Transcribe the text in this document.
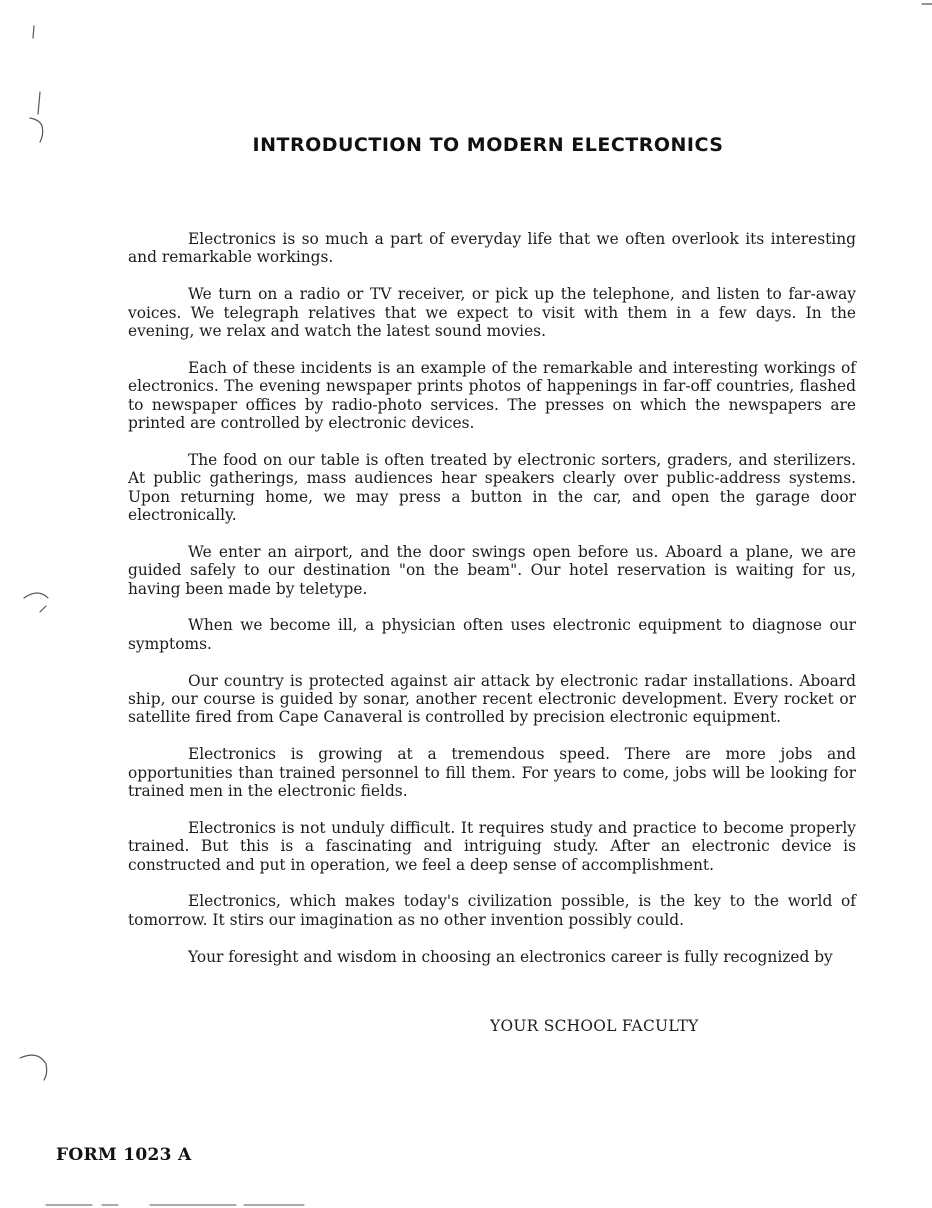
INTRODUCTION TO MODERN ELECTRONICS

Electronics is so much a part of everyday life that we often overlook its interesting and remarkable workings.

We turn on a radio or TV receiver, or pick up the telephone, and listen to far-away voices. We telegraph relatives that we expect to visit with them in a few days. In the evening, we relax and watch the latest sound movies.

Each of these incidents is an example of the remarkable and interesting workings of electronics. The evening newspaper prints photos of happenings in far-off countries, flashed to newspaper offices by radio-photo services. The presses on which the newspapers are printed are controlled by electronic devices.

The food on our table is often treated by electronic sorters, graders, and sterilizers. At public gatherings, mass audiences hear speakers clearly over public-address systems. Upon returning home, we may press a button in the car, and open the garage door electronically.

We enter an airport, and the door swings open before us. Aboard a plane, we are guided safely to our destination "on the beam". Our hotel reservation is waiting for us, having been made by teletype.

When we become ill, a physician often uses electronic equipment to diagnose our symptoms.

Our country is protected against air attack by electronic radar installations. Aboard ship, our course is guided by sonar, another recent electronic development. Every rocket or satellite fired from Cape Canaveral is controlled by precision electronic equipment.

Electronics is growing at a tremendous speed. There are more jobs and opportunities than trained personnel to fill them. For years to come, jobs will be looking for trained men in the electronic fields.

Electronics is not unduly difficult. It requires study and practice to become properly trained. But this is a fascinating and intriguing study. After an electronic device is constructed and put in operation, we feel a deep sense of accomplishment.

Electronics, which makes today's civilization possible, is the key to the world of tomorrow. It stirs our imagination as no other invention possibly could.

Your foresight and wisdom in choosing an electronics career is fully recognized by

YOUR SCHOOL FACULTY
FORM 1023 A
